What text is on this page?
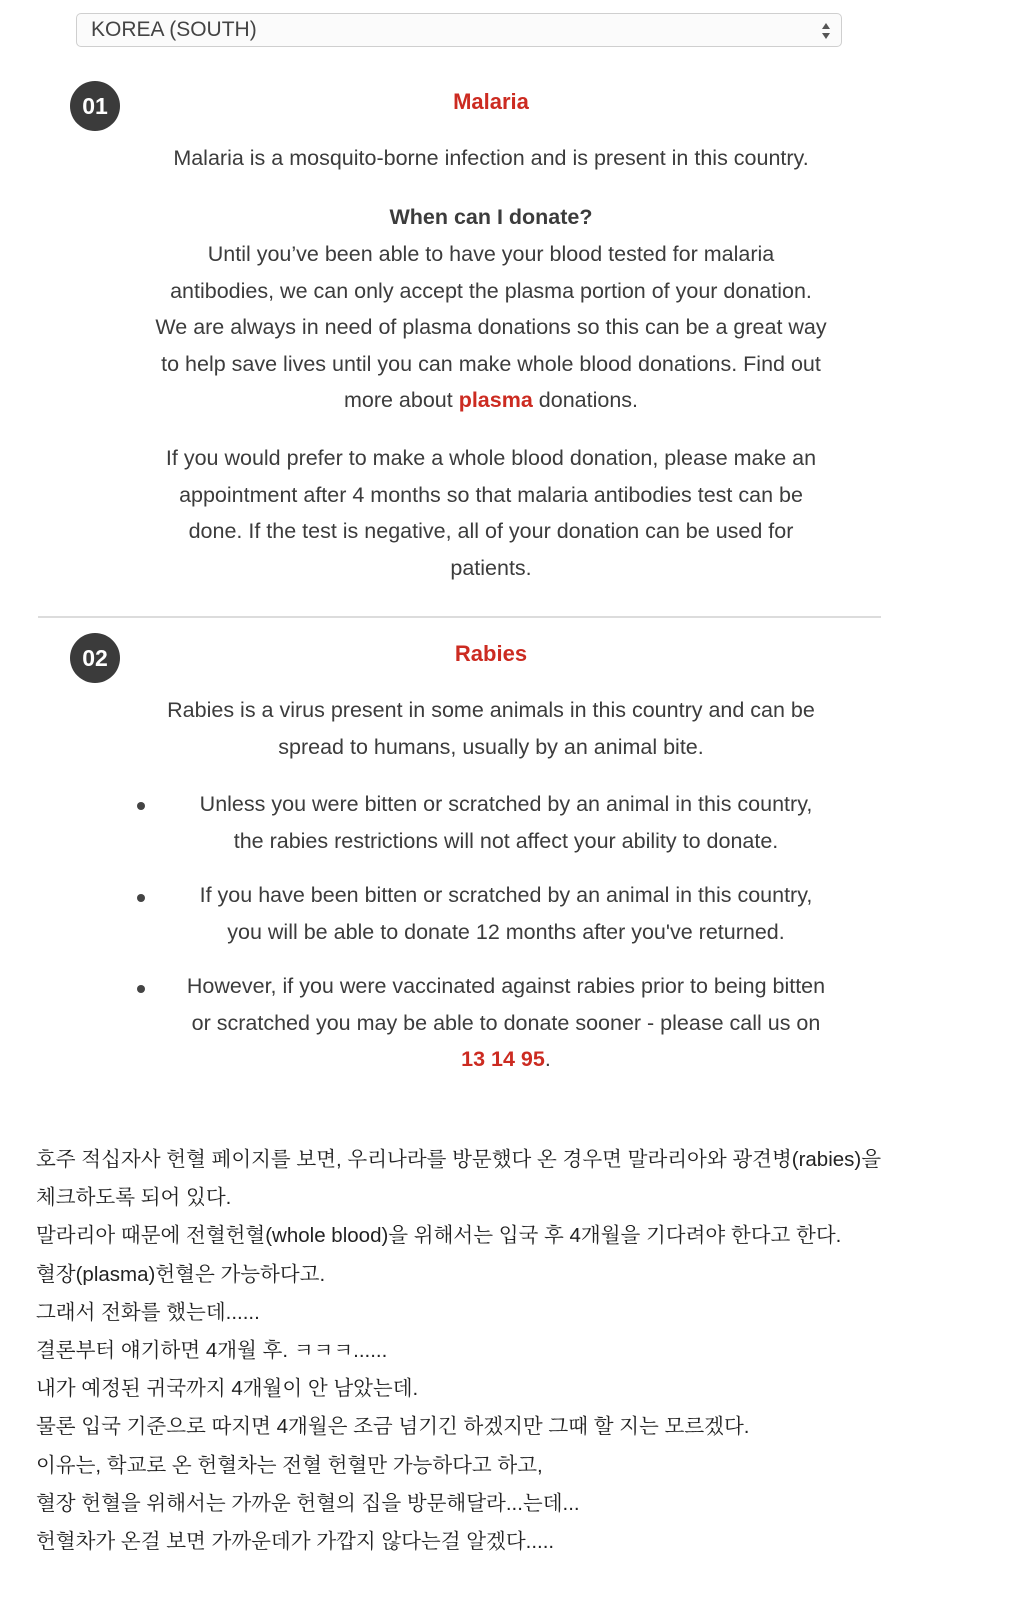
KOREA (SOUTH)
01	Malaria
Malaria is a mosquito-borne infection and is present in this country.
When can I donate?
Until you’ve been able to have your blood tested for malaria
antibodies, we can only accept the plasma portion of your donation.
We are always in need of plasma donations so this can be a great way
to help save lives until you can make whole blood donations. Find out
more about plasma donations.
If you would prefer to make a whole blood donation, please make an
appointment after 4 months so that malaria antibodies test can be
done. If the test is negative, all of your donation can be used for
patients.
02	Rabies
Rabies is a virus present in some animals in this country and can be
spread to humans, usually by an animal bite.
Unless you were bitten or scratched by an animal in this country,
the rabies restrictions will not affect your ability to donate.
If you have been bitten or scratched by an animal in this country,
you will be able to donate 12 months after you've returned.
However, if you were vaccinated against rabies prior to being bitten
or scratched you may be able to donate sooner - please call us on
13 14 95.
호주 적십자사 헌혈 페이지를 보면, 우리나라를 방문했다 온 경우면 말라리아와 광견병(rabies)을
체크하도록 되어 있다.
말라리아 때문에 전혈헌혈(whole blood)을 위해서는 입국 후 4개월을 기다려야 한다고 한다.
혈장(plasma)헌혈은 가능하다고.
그래서 전화를 했는데......
결론부터 얘기하면 4개월 후. ㅋㅋㅋ......
내가 예정된 귀국까지 4개월이 안 남았는데.
물론 입국 기준으로 따지면 4개월은 조금 넘기긴 하겠지만 그때 할 지는 모르겠다.
이유는, 학교로 온 헌혈차는 전혈 헌혈만 가능하다고 하고,
혈장 헌혈을 위해서는 가까운 헌혈의 집을 방문해달라...는데...
헌혈차가 온걸 보면 가까운데가 가깝지 않다는걸 알겠다.....
